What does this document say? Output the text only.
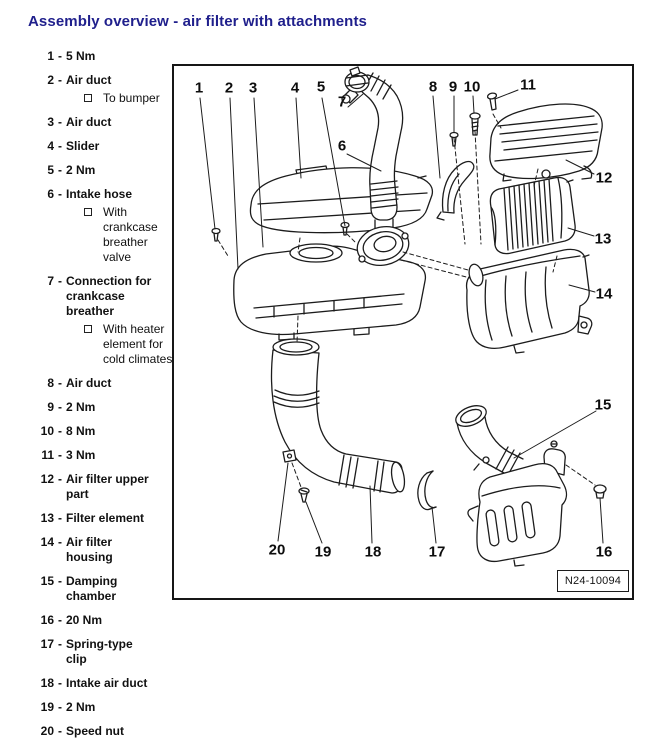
Assembly overview - air filter with attachments
1 - 5 Nm
2 - Air duct
To bumper
3 - Air duct
4 - Slider
5 - 2 Nm
6 - Intake hose
With crankcase breather valve
7 - Connection for crankcase breather
With heater element for cold climates
8 - Air duct
9 - 2 Nm
10 - 8 Nm
11 - 3 Nm
12 - Air filter upper part
13 - Filter element
14 - Air filter housing
15 - Damping chamber
16 - 20 Nm
17 - Spring-type clip
18 - Intake air duct
19 - 2 Nm
20 - Speed nut
1 2 3 4 5
7
6
8 9 10	11
12
13
14
15
16
17
18
19
20
N24-10094
